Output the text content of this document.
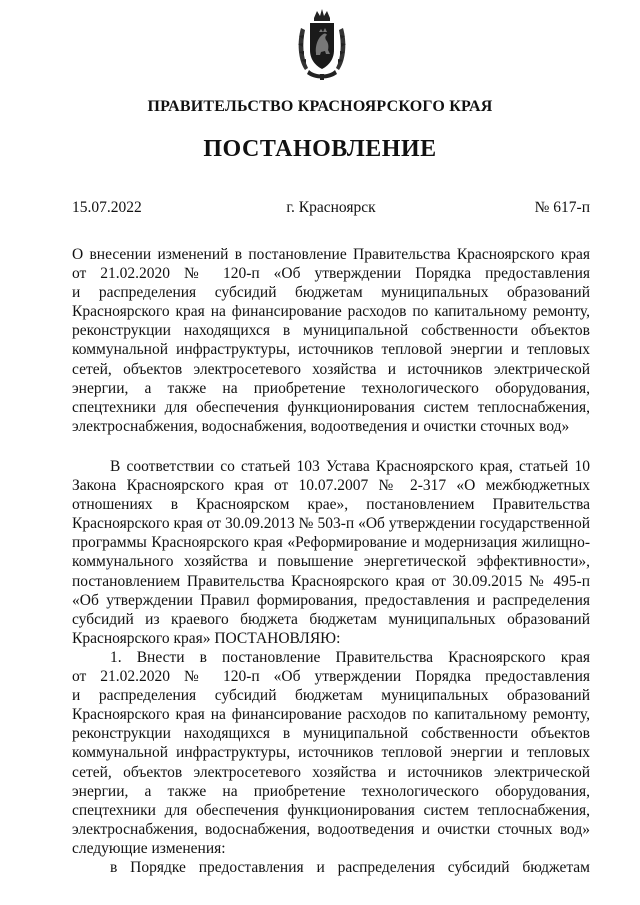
ПРАВИТЕЛЬСТВО КРАСНОЯРСКОГО КРАЯ
ПОСТАНОВЛЕНИЕ
15.07.2022	г. Красноярск	№ 617-п
О внесении изменений в постановление Правительства Красноярского края
от 21.02.2020 № 120-п «Об утверждении Порядка предоставления
и распределения субсидий бюджетам муниципальных образований
Красноярского края на финансирование расходов по капитальному ремонту,
реконструкции находящихся в муниципальной собственности объектов
коммунальной инфраструктуры, источников тепловой энергии и тепловых
сетей, объектов электросетевого хозяйства и источников электрической
энергии, а также на приобретение технологического оборудования,
спецтехники для обеспечения функционирования систем теплоснабжения,
электроснабжения, водоснабжения, водоотведения и очистки сточных вод»
В соответствии со статьей 103 Устава Красноярского края, статьей 10
Закона Красноярского края от 10.07.2007 № 2-317 «О межбюджетных
отношениях в Красноярском крае», постановлением Правительства
Красноярского края от 30.09.2013 № 503-п «Об утверждении государственной
программы Красноярского края «Реформирование и модернизация жилищно-
коммунального хозяйства и повышение энергетической эффективности»,
постановлением Правительства Красноярского края от 30.09.2015 № 495-п
«Об утверждении Правил формирования, предоставления и распределения
субсидий из краевого бюджета бюджетам муниципальных образований
Красноярского края» ПОСТАНОВЛЯЮ:
1. Внести в постановление Правительства Красноярского края
от 21.02.2020 № 120-п «Об утверждении Порядка предоставления
и распределения субсидий бюджетам муниципальных образований
Красноярского края на финансирование расходов по капитальному ремонту,
реконструкции находящихся в муниципальной собственности объектов
коммунальной инфраструктуры, источников тепловой энергии и тепловых
сетей, объектов электросетевого хозяйства и источников электрической
энергии, а также на приобретение технологического оборудования,
спецтехники для обеспечения функционирования систем теплоснабжения,
электроснабжения, водоснабжения, водоотведения и очистки сточных вод»
следующие изменения:
в Порядке предоставления и распределения субсидий бюджетам
